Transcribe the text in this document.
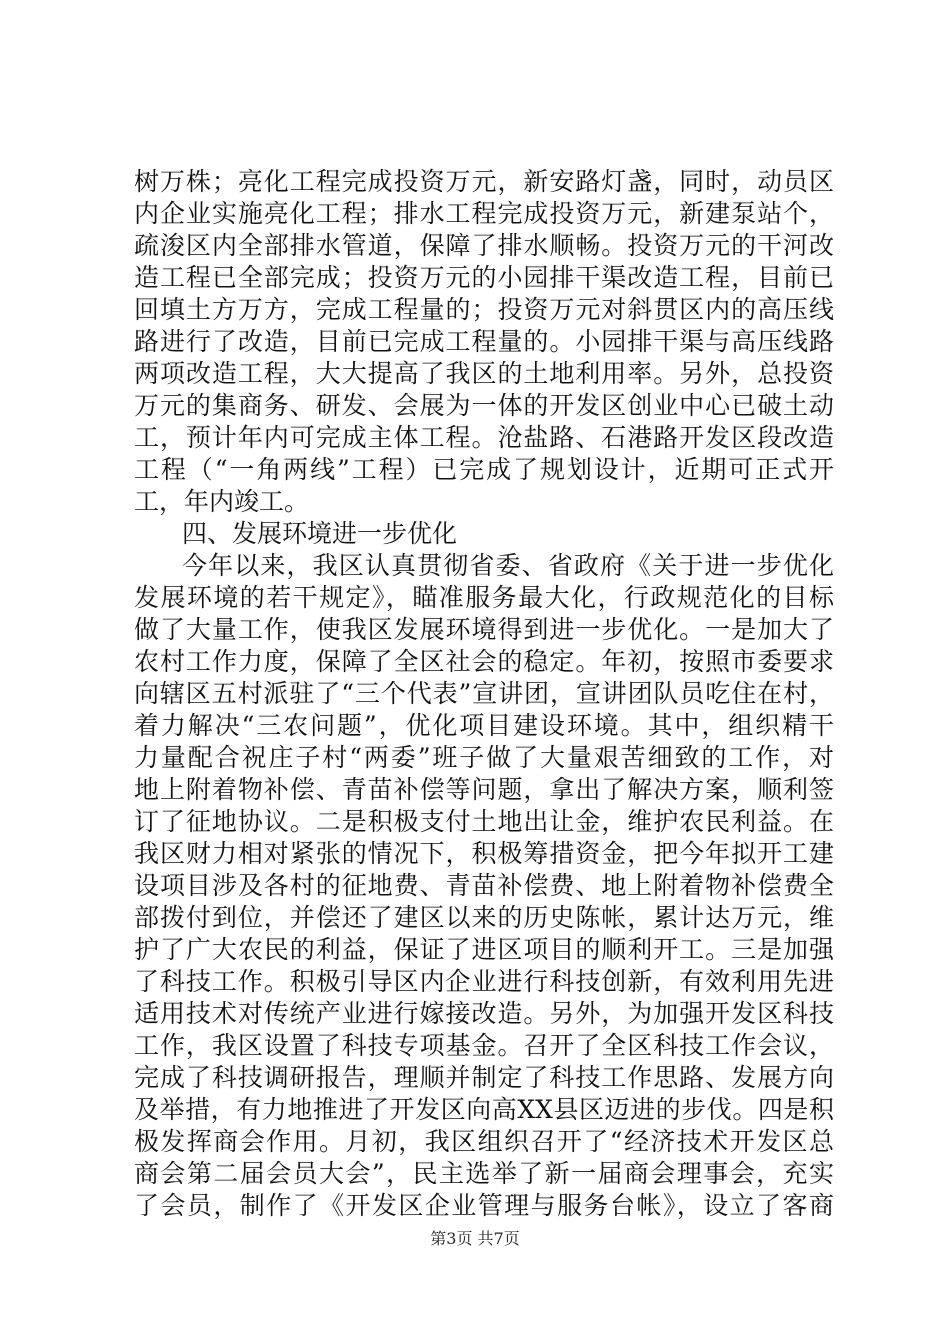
树万株；亮化工程完成投资万元，新安路灯盏，同时，动员区
内企业实施亮化工程；排水工程完成投资万元，新建泵站个，
疏浚区内全部排水管道，保障了排水顺畅。投资万元的干河改
造工程已全部完成；投资万元的小园排干渠改造工程，目前已
回填土方万方，完成工程量的；投资万元对斜贯区内的高压线
路进行了改造，目前已完成工程量的。小园排干渠与高压线路
两项改造工程，大大提高了我区的土地利用率。另外，总投资
万元的集商务、研发、会展为一体的开发区创业中心已破土动
工，预计年内可完成主体工程。沧盐路、石港路开发区段改造
工程（“一角两线”工程）已完成了规划设计，近期可正式开
工，年内竣工。
四、发展环境进一步优化
今年以来，我区认真贯彻省委、省政府《关于进一步优化
发展环境的若干规定》，瞄准服务最大化，行政规范化的目标
做了大量工作，使我区发展环境得到进一步优化。一是加大了
农村工作力度，保障了全区社会的稳定。年初，按照市委要求
向辖区五村派驻了“三个代表”宣讲团，宣讲团队员吃住在村，
着力解决“三农问题”，优化项目建设环境。其中，组织精干
力量配合祝庄子村“两委”班子做了大量艰苦细致的工作，对
地上附着物补偿、青苗补偿等问题，拿出了解决方案，顺利签
订了征地协议。二是积极支付土地出让金，维护农民利益。在
我区财力相对紧张的情况下，积极筹措资金，把今年拟开工建
设项目涉及各村的征地费、青苗补偿费、地上附着物补偿费全
部拨付到位，并偿还了建区以来的历史陈帐，累计达万元，维
护了广大农民的利益，保证了进区项目的顺利开工。三是加强
了科技工作。积极引导区内企业进行科技创新，有效利用先进
适用技术对传统产业进行嫁接改造。另外，为加强开发区科技
工作，我区设置了科技专项基金。召开了全区科技工作会议，
完成了科技调研报告，理顺并制定了科技工作思路、发展方向
及举措，有力地推进了开发区向高XX县区迈进的步伐。四是积
极发挥商会作用。月初，我区组织召开了“经济技术开发区总
商会第二届会员大会”，民主选举了新一届商会理事会，充实
了会员，制作了《开发区企业管理与服务台帐》，设立了客商
第3页 共7页
